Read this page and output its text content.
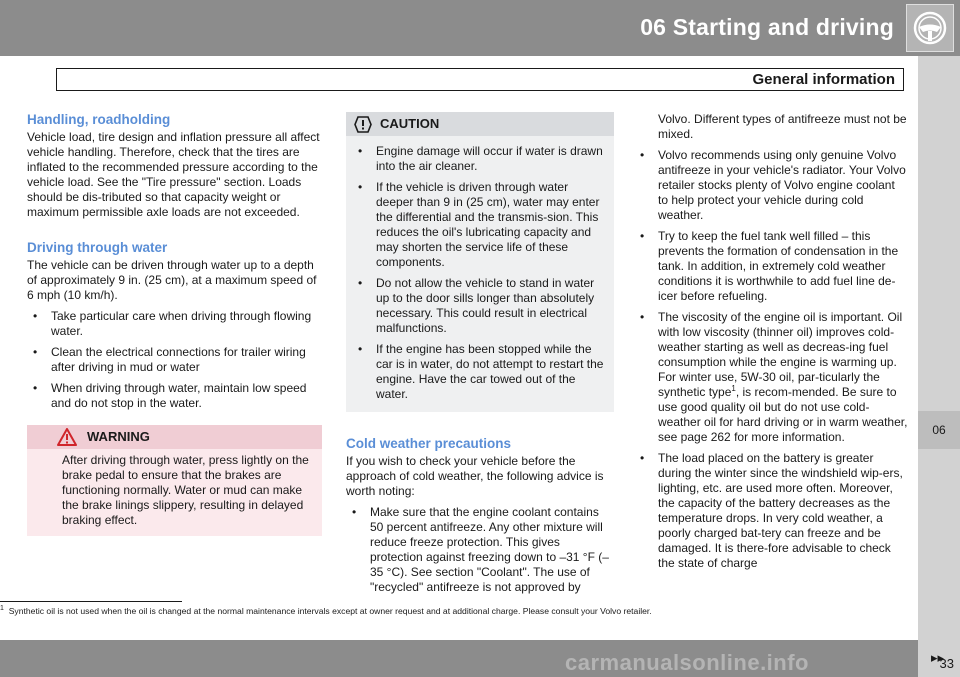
06 Starting and driving
General information
06
Handling, roadholding

Vehicle load, tire design and inflation pressure all affect vehicle handling. Therefore, check that the tires are inflated to the recommended pressure according to the vehicle load. See the "Tire pressure" section. Loads should be dis-tributed so that capacity weight or maximum permissible axle loads are not exceeded.

Driving through water

The vehicle can be driven through water up to a depth of approximately 9 in. (25 cm), at a maximum speed of 6 mph (10 km/h).

• Take particular care when driving through flowing water.
• Clean the electrical connections for trailer wiring after driving in mud or water
• When driving through water, maintain low speed and do not stop in the water.
WARNING

After driving through water, press lightly on the brake pedal to ensure that the brakes are functioning normally. Water or mud can make the brake linings slippery, resulting in delayed braking effect.

CAUTION
• Engine damage will occur if water is drawn into the air cleaner.
• If the vehicle is driven through water deeper than 9 in (25 cm), water may enter the differential and the transmis-sion. This reduces the oil's lubricating capacity and may shorten the service life of these components.
• Do not allow the vehicle to stand in water up to the door sills longer than absolutely necessary. This could result in electrical malfunctions.
• If the engine has been stopped while the car is in water, do not attempt to restart the engine. Have the car towed out of the water.
Cold weather precautions

If you wish to check your vehicle before the approach of cold weather, the following advice is worth noting:

• Make sure that the engine coolant contains 50 percent antifreeze. Any other mixture will reduce freeze protection. This gives protection against freezing down to –31 °F (–35 °C). See section "Coolant". The use of "recycled" antifreeze is not approved by

Volvo. Different types of antifreeze must not be mixed.

• Volvo recommends using only genuine Volvo antifreeze in your vehicle's radiator. Your Volvo retailer stocks plenty of Volvo engine coolant to help protect your vehicle during cold weather.
• Try to keep the fuel tank well filled – this prevents the formation of condensation in the tank. In addition, in extremely cold weather conditions it is worthwhile to add fuel line de-icer before refueling.
• The viscosity of the engine oil is important. Oil with low viscosity (thinner oil) improves cold-weather starting as well as decreas-ing fuel consumption while the engine is warming up. For winter use, 5W-30 oil, par-ticularly the synthetic type$^1$, is recom-mended. Be sure to use good quality oil but do not use cold-weather oil for hard driving or in warm weather, see page 262 for more information.
• The load placed on the battery is greater during the winter since the windshield wip-ers, lighting, etc. are used more often. Moreover, the capacity of the battery decreases as the temperature drops. In very cold weather, a poorly charged bat-tery can freeze and be damaged. It is there-fore advisable to check the state of charge
$^1$ Synthetic oil is not used when the oil is changed at the normal maintenance intervals except at owner request and at additional charge. Please consult your Volvo retailer.
carmanualsonline.info	33
▸▸
